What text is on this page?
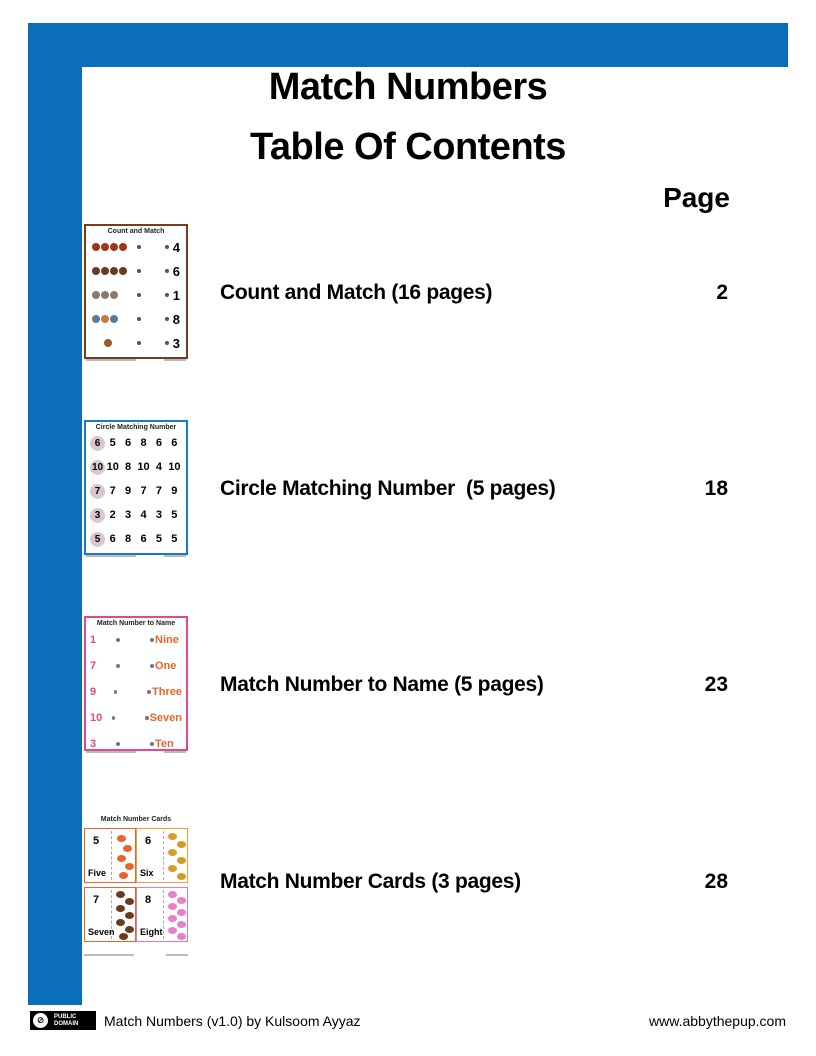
Match Numbers
Table Of Contents
Page
Count and Match
4
6
1
8
3
Count and Match (16 pages)	2
Circle Matching Number
6 5 6 8 6 6
10 10 8 10 4 10
7 7 9 7 7 9
3 2 3 4 3 5
5 6 8 6 5 5
Circle Matching Number  (5 pages)	18
Match Number to Name
1	Nine
7	One
9	Three
10	Seven
3	Ten
Match Number to Name (5 pages)	23
Match Number Cards
5
Five
6
Six
7
Seven
8
Eight
Match Number Cards (3 pages)	28
⊘	PUBLIC
DOMAIN Match Numbers (v1.0) by Kulsoom Ayyaz	www.abbythepup.com
